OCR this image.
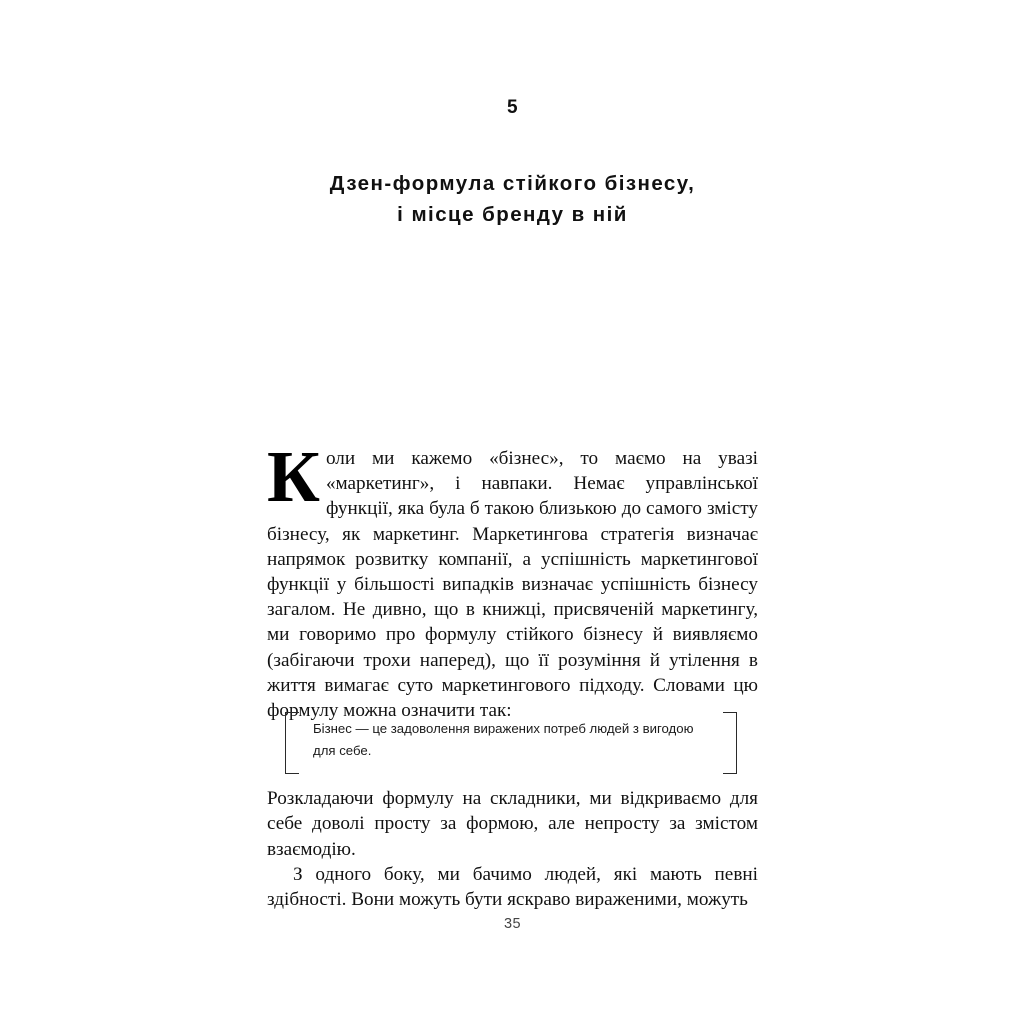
5
Дзен-формула стійкого бізнесу,
і місце бренду в ній

Коли ми кажемо «бізнес», то маємо на увазі «маркетинг», і навпаки. Немає управлінської функції, яка була б такою близькою до самого змісту бізнесу, як маркетинг. Маркетингова стратегія визначає напрямок розвитку компанії, а успішність маркетингової функції у більшості випадків визначає успішність бізнесу загалом. Не дивно, що в книжці, присвяченій маркетингу, ми говоримо про формулу стійкого бізнесу й виявляємо (забігаючи трохи наперед), що її розуміння й утілення в життя вимагає суто маркетингового підходу. Словами цю формулу можна означити так:

Розкладаючи формулу на складники, ми відкриваємо для себе доволі просту за формою, але непросту за змістом взаємодію.

З одного боку, ми бачимо людей, які мають певні здібності. Вони можуть бути яскраво вираженими, можуть

Бізнес — це задоволення виражених потреб людей з вигодою для себе.
35
